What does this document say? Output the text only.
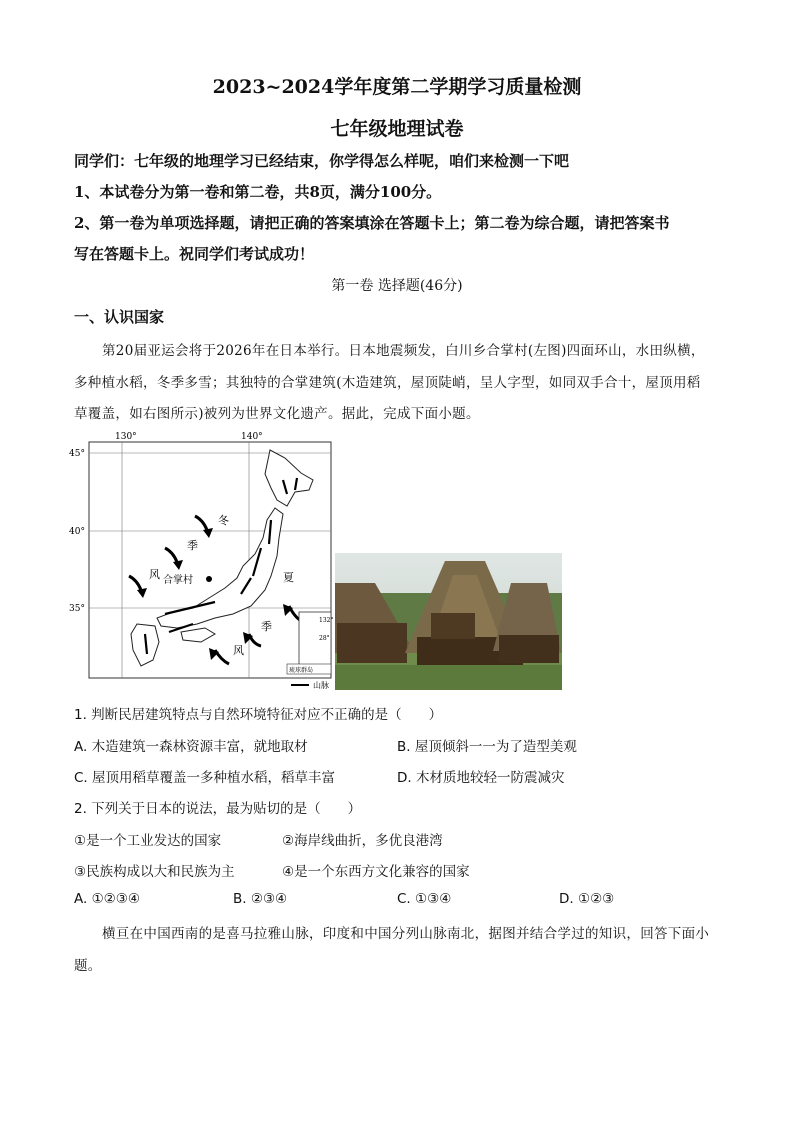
2023~2024学年度第二学期学习质量检测
七年级地理试卷
同学们：七年级的地理学习已经结束，你学得怎么样呢，咱们来检测一下吧
1、本试卷分为第一卷和第二卷，共8页，满分100分。
2、第一卷为单项选择题，请把正确的答案填涂在答题卡上；第二卷为综合题，请把答案书
写在答题卡上。祝同学们考试成功！
第一卷 选择题(46分)
一、认识国家
第20届亚运会将于2026年在日本举行。日本地震频发，白川乡合掌村(左图)四面环山，水田纵横，
多种植水稻，冬季多雪；其独特的合掌建筑(木造建筑，屋顶陡峭，呈人字型，如同双手合十，屋顶用稻
草覆盖，如右图所示)被列为世界文化遗产。据此，完成下面小题。
130°	140°
45°
40°
35°
冬
季
风	夏
季
风
合掌村
132°
28°
琉球群岛
山脉
1. 判断民居建筑特点与自然环境特征对应不正确的是（　　）
A. 木造建筑一森林资源丰富，就地取材	B. 屋顶倾斜一一为了造型美观
C. 屋顶用稻草覆盖一多种植水稻，稻草丰富	D. 木材质地较轻一防震减灾
2. 下列关于日本的说法，最为贴切的是（　　）
①是一个工业发达的国家	②海岸线曲折，多优良港湾
③民族构成以大和民族为主	④是一个东西方文化兼容的国家
A. ①②③④	B. ②③④	C. ①③④	D. ①②③
横亘在中国西南的是喜马拉雅山脉，印度和中国分列山脉南北，据图并结合学过的知识，回答下面小
题。
